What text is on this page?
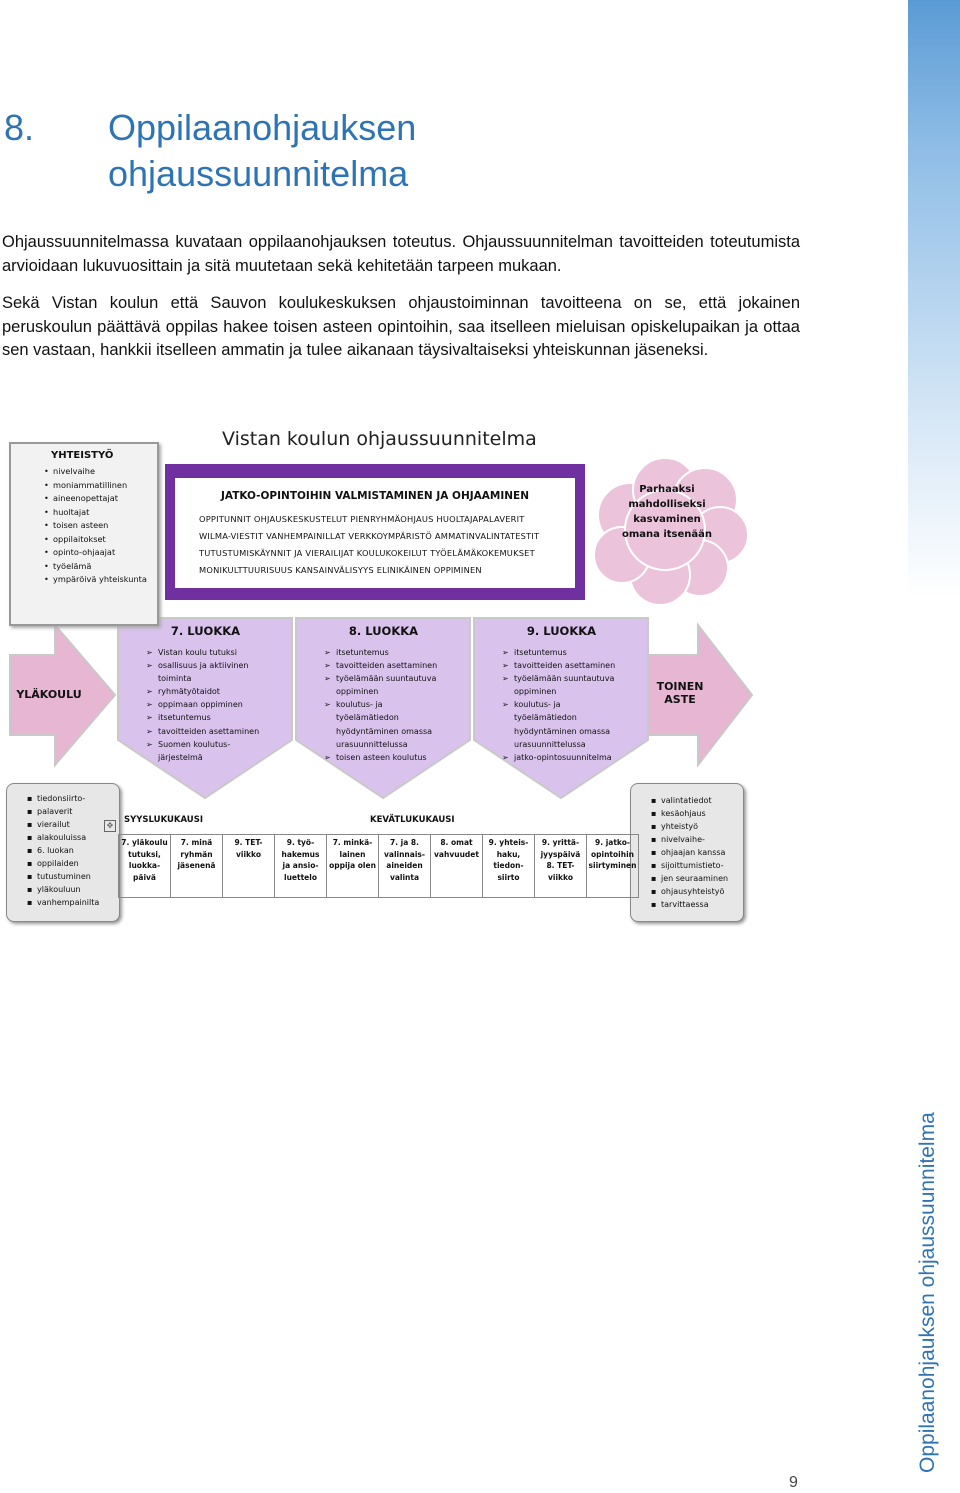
Oppilaanohjauksen ohjaussuunnitelma
8. Oppilaanohjauksen ohjaussuunnitelma
Ohjaussuunnitelmassa kuvataan oppilaanohjauksen toteutus. Ohjaussuunnitelman tavoitteiden toteutumista arvioidaan lukuvuosittain ja sitä muutetaan sekä kehitetään tarpeen mukaan.
Sekä Vistan koulun että Sauvon koulukeskuksen ohjaustoiminnan tavoitteena on se, että jokainen peruskoulun päättävä oppilas hakee toisen asteen opintoihin, saa itselleen mieluisan opiskelupaikan ja ottaa sen vastaan, hankkii itselleen ammatin ja tulee aikanaan täysivaltaiseksi yhteiskunnan jäseneksi.
Vistan koulun ohjaussuunnitelma
YHTEISTYÖ
• nivelvaihe
• moniammatillinen
• aineenopettajat
• huoltajat
• toisen asteen
• oppilaitokset
• opinto-ohjaajat
• työelämä
• ympäröivä yhteiskunta
JATKO-OPINTOIHIN VALMISTAMINEN JA OHJAAMINEN
OPPITUNNIT OHJAUSKESKUSTELUT PIENRYHMÄOHJAUS HUOLTAJAPALAVERIT
WILMA-VIESTIT VANHEMPAINILLAT VERKKOYMPÄRISTÖ AMMATINVALINTATESTIT
TUTUSTUMISKÄYNNIT JA VIERAILIJAT KOULUKOKEILUT TYÖELÄMÄKOKEMUKSET
MONIKULTTUURISUUS KANSAINVÄLISYYS ELINIKÄINEN OPPIMINEN
Parhaaksi
mahdolliseksi
kasvaminen
omana itsenään
YLÄKOULU
TOINEN
ASTE
7. LUOKKA
➢ Vistan koulu tutuksi
➢ osallisuus ja aktiivinen
toiminta
➢ ryhmätyötaidot
➢ oppimaan oppiminen
➢ itsetuntemus
➢ tavoitteiden asettaminen
➢ Suomen koulutus-
järjestelmä
8. LUOKKA
➢ itsetuntemus
➢ tavoitteiden asettaminen
➢ työelämään suuntautuva
oppiminen
➢ koulutus- ja
työelämätiedon
hyödyntäminen omassa
urasuunnittelussa
➢ toisen asteen koulutus
9. LUOKKA
➢ itsetuntemus
➢ tavoitteiden asettaminen
➢ työelämään suuntautuva
oppiminen
➢ koulutus- ja
työelämätiedon
hyödyntäminen omassa
urasuunnittelussa
➢ jatko-opintosuunnitelma
▪ tiedonsiirto-
▪ palaverit
▪ vierailut
▪ alakouluissa
▪ 6. luokan
▪ oppilaiden
▪ tutustuminen
▪ yläkouluun
▪ vanhempainilta
▪ valintatiedot
▪ kesäohjaus
▪ yhteistyö
▪ nivelvaihe-
▪ ohjaajan kanssa
▪ sijoittumistieto-
▪ jen seuraaminen
▪ ohjausyhteistyö
▪ tarvittaessa
✥
SYYSLUKUKAUSI	KEVÄTLUKUKAUSI
7. yläkoulu
tutuksi,
luokka-
päivä

7. minä
ryhmän
jäsenenä

9. TET-
viikko

9. työ-
hakemus
ja ansio-
luettelo

7. minkä-
lainen
oppija olen

7. ja 8.
valinnais-
aineiden
valinta

8. omat
vahvuudet

9. yhteis-
haku,
tiedon-
siirto

9. yrittä-
jyyspäivä
8. TET-
viikko

9. jatko-
opintoihin
siirtyminen
9
